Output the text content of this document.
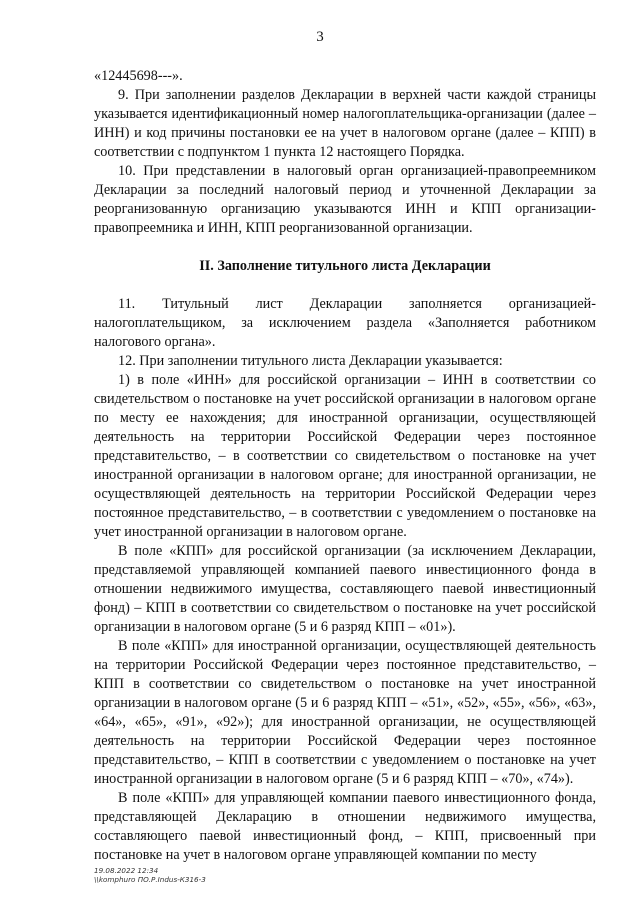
3

«12445698---».

9. При заполнении разделов Декларации в верхней части каждой страницы указывается идентификационный номер налогоплательщика-организации (далее – ИНН) и код причины постановки ее на учет в налоговом органе (далее – КПП) в соответствии с подпунктом 1 пункта 12 настоящего Порядка.

10. При представлении в налоговый орган организацией-правопреемником Декларации за последний налоговый период и уточненной Декларации за реорганизованную организацию указываются ИНН и КПП организации-правопреемника и ИНН, КПП реорганизованной организации.

II. Заполнение титульного листа Декларации

11. Титульный лист Декларации заполняется организацией-налогоплательщиком, за исключением раздела «Заполняется работником налогового органа».

12. При заполнении титульного листа Декларации указывается:

1) в поле «ИНН» для российской организации – ИНН в соответствии со свидетельством о постановке на учет российской организации в налоговом органе по месту ее нахождения; для иностранной организации, осуществляющей деятельность на территории Российской Федерации через постоянное представительство, – в соответствии со свидетельством о постановке на учет иностранной организации в налоговом органе; для иностранной организации, не осуществляющей деятельность на территории Российской Федерации через постоянное представительство, – в соответствии с уведомлением о постановке на учет иностранной организации в налоговом органе.

В поле «КПП» для российской организации (за исключением Декларации, представляемой управляющей компанией паевого инвестиционного фонда в отношении недвижимого имущества, составляющего паевой инвестиционный фонд) – КПП в соответствии со свидетельством о постановке на учет российской организации в налоговом органе (5 и 6 разряд КПП – «01»).

В поле «КПП» для иностранной организации, осуществляющей деятельность на территории Российской Федерации через постоянное представительство, – КПП в соответствии со свидетельством о постановке на учет иностранной организации в налоговом органе (5 и 6 разряд КПП – «51», «52», «55», «56», «63», «64», «65», «91», «92»); для иностранной организации, не осуществляющей деятельность на территории Российской Федерации через постоянное представительство, – КПП в соответствии с уведомлением о постановке на учет иностранной организации в налоговом органе (5 и 6 разряд КПП – «70», «74»).

В поле «КПП» для управляющей компании паевого инвестиционного фонда, представляющей Декларацию в отношении недвижимого имущества, составляющего паевой инвестиционный фонд, – КПП, присвоенный при постановке на учет в налоговом органе управляющей компании по месту

19.08.2022 12:34
\\komphuro ПО.Р.Indus-К316-3
